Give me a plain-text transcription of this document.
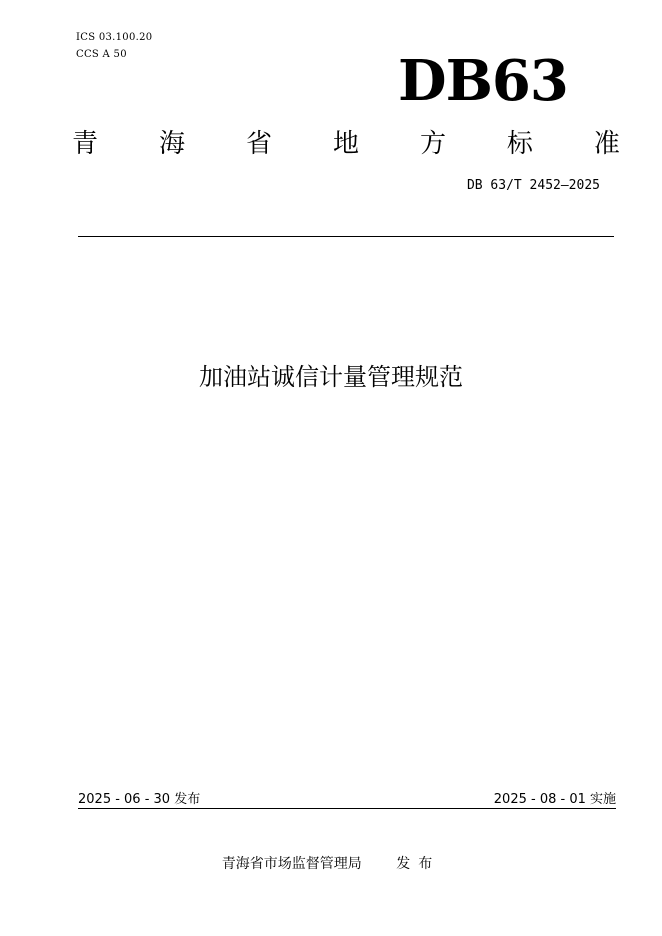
ICS 03.100.20
CCS A 50	DB63
青 海 省 地 方 标 准
DB 63/T 2452—2025
加油站诚信计量管理规范
2025 - 06 - 30 发布	2025 - 08 - 01 实施
青海省市场监督管理局 发布
